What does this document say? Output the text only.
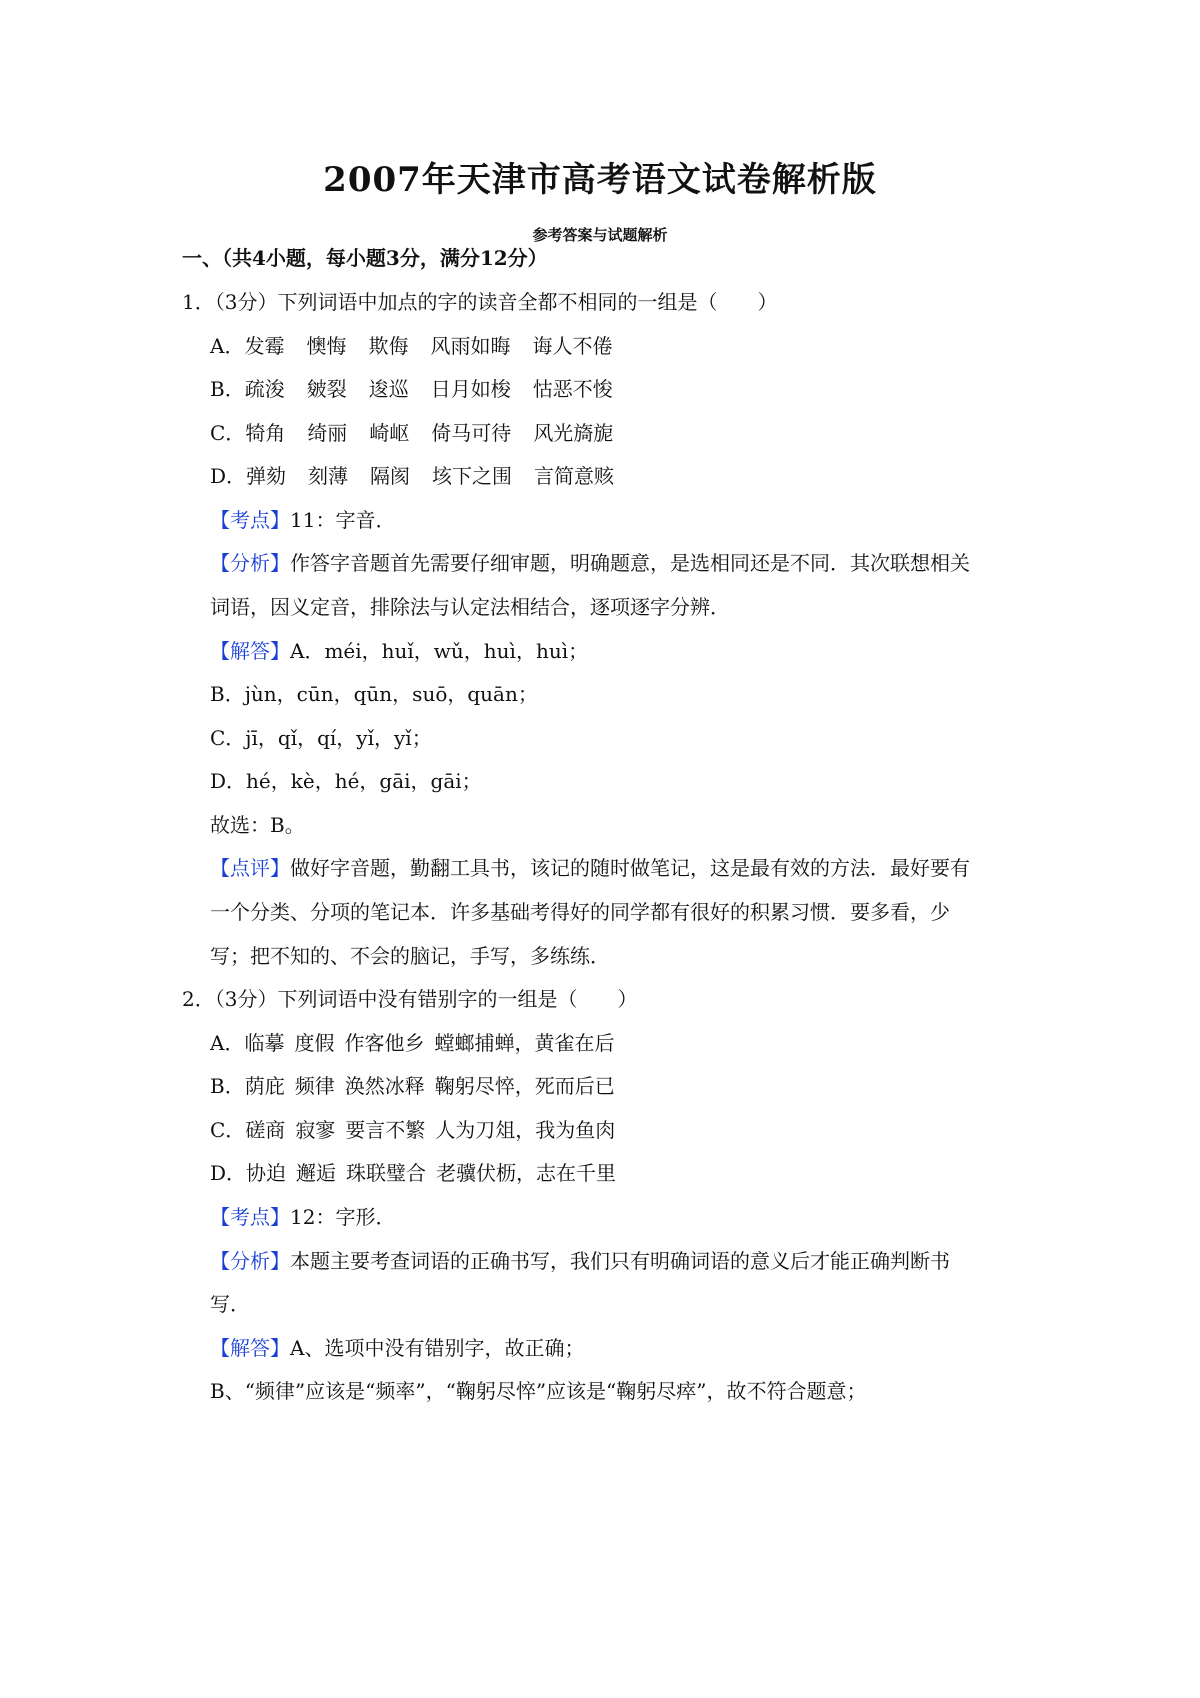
2007年天津市高考语文试卷解析版
参考答案与试题解析
一、（共4小题，每小题3分，满分12分）
1．（3分）下列词语中加点的字的读音全都不相同的一组是（　　）
A．发霉 懊悔 欺侮 风雨如晦 诲人不倦
B．疏浚 皴裂 逡巡 日月如梭 怙恶不悛
C．犄角 绮丽 崎岖 倚马可待 风光旖旎
D．弹劾 刻薄 隔阂 垓下之围 言简意赅
【考点】11：字音．
【分析】作答字音题首先需要仔细审题，明确题意，是选相同还是不同．其次联想相关
词语，因义定音，排除法与认定法相结合，逐项逐字分辨．
【解答】A．méi，huǐ，wǔ，huì，huì；
B．jùn，cūn，qūn，suō，quān；
C．jī，qǐ，qí，yǐ，yǐ；
D．hé，kè，hé，gāi，gāi；
故选：B。
【点评】做好字音题，勤翻工具书，该记的随时做笔记，这是最有效的方法．最好要有
一个分类、分项的笔记本．许多基础考得好的同学都有很好的积累习惯．要多看，少
写；把不知的、不会的脑记，手写，多练练．
2．（3分）下列词语中没有错别字的一组是（　　）
A．临摹 度假 作客他乡 螳螂捕蝉，黄雀在后
B．荫庇 频律 涣然冰释 鞠躬尽悴，死而后已
C．磋商 寂寥 要言不繁 人为刀俎，我为鱼肉
D．协迫 邂逅 珠联璧合 老骥伏枥，志在千里
【考点】12：字形．
【分析】本题主要考查词语的正确书写，我们只有明确词语的意义后才能正确判断书
写．
【解答】A、选项中没有错别字，故正确；
B、“频律”应该是“频率”，“鞠躬尽悴”应该是“鞠躬尽瘁”，故不符合题意；
